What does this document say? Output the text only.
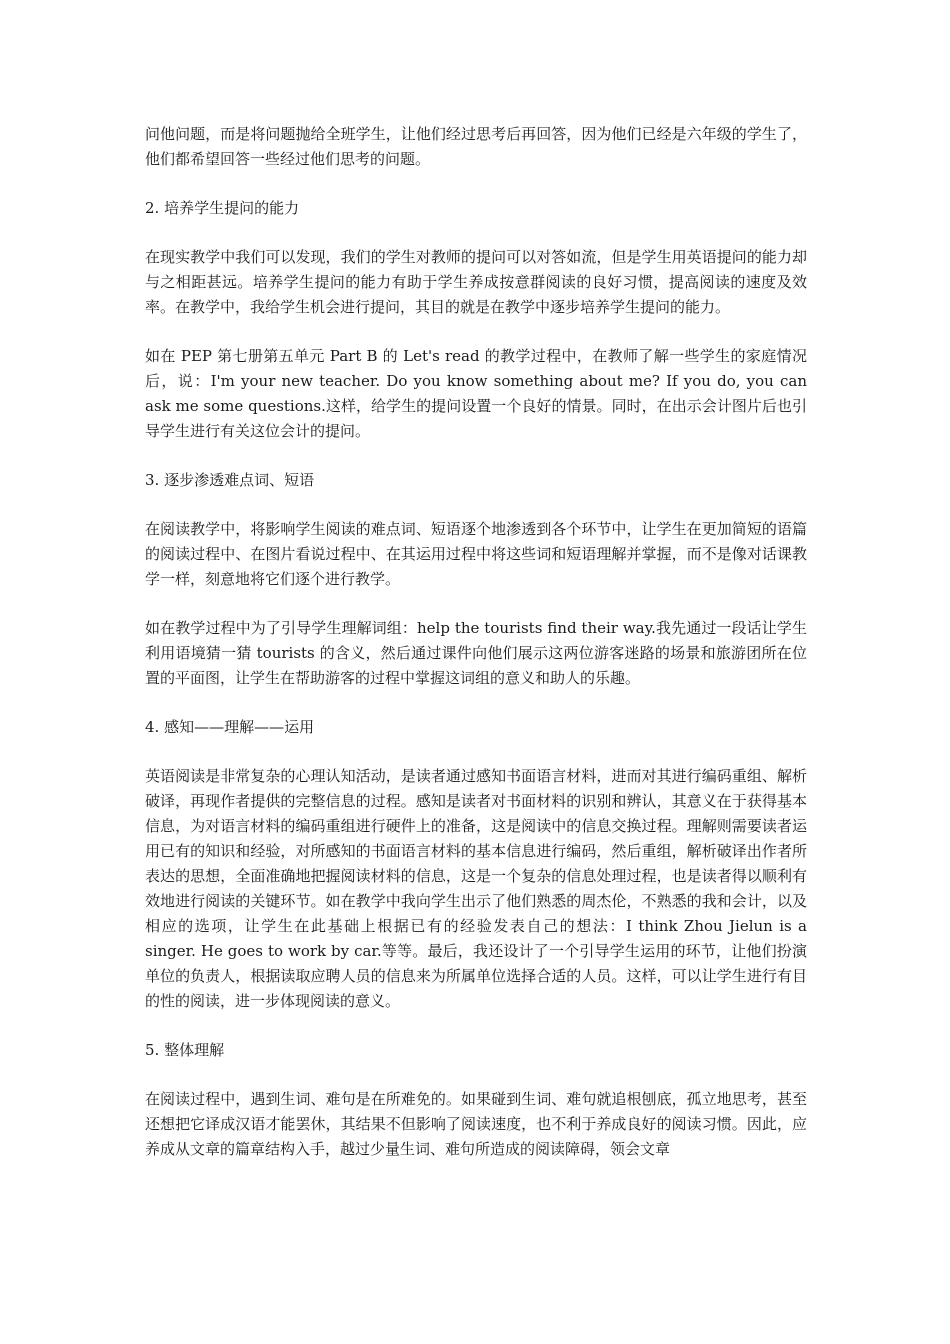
问他问题，而是将问题抛给全班学生，让他们经过思考后再回答，因为他们已经是六年级的学生了，他们都希望回答一些经过他们思考的问题。

2. 培养学生提问的能力

在现实教学中我们可以发现，我们的学生对教师的提问可以对答如流，但是学生用英语提问的能力却与之相距甚远。培养学生提问的能力有助于学生养成按意群阅读的良好习惯，提高阅读的速度及效率。在教学中，我给学生机会进行提问，其目的就是在教学中逐步培养学生提问的能力。

如在 PEP 第七册第五单元 Part B 的 Let's read 的教学过程中，在教师了解一些学生的家庭情况后，说：I'm your new teacher. Do you know something about me? If you do, you can ask me some questions.这样，给学生的提问设置一个良好的情景。同时，在出示会计图片后也引导学生进行有关这位会计的提问。

3. 逐步渗透难点词、短语

在阅读教学中，将影响学生阅读的难点词、短语逐个地渗透到各个环节中，让学生在更加简短的语篇的阅读过程中、在图片看说过程中、在其运用过程中将这些词和短语理解并掌握，而不是像对话课教学一样，刻意地将它们逐个进行教学。

如在教学过程中为了引导学生理解词组：help the tourists find their way.我先通过一段话让学生利用语境猜一猜 tourists 的含义，然后通过课件向他们展示这两位游客迷路的场景和旅游团所在位置的平面图，让学生在帮助游客的过程中掌握这词组的意义和助人的乐趣。

4. 感知——理解——运用

英语阅读是非常复杂的心理认知活动，是读者通过感知书面语言材料，进而对其进行编码重组、解析破译，再现作者提供的完整信息的过程。感知是读者对书面材料的识别和辨认，其意义在于获得基本信息，为对语言材料的编码重组进行硬件上的准备，这是阅读中的信息交换过程。理解则需要读者运用已有的知识和经验，对所感知的书面语言材料的基本信息进行编码，然后重组，解析破译出作者所表达的思想，全面准确地把握阅读材料的信息，这是一个复杂的信息处理过程，也是读者得以顺利有效地进行阅读的关键环节。如在教学中我向学生出示了他们熟悉的周杰伦，不熟悉的我和会计，以及相应的选项，让学生在此基础上根据已有的经验发表自己的想法：I think Zhou Jielun is a singer. He goes to work by car.等等。最后，我还设计了一个引导学生运用的环节，让他们扮演单位的负责人，根据读取应聘人员的信息来为所属单位选择合适的人员。这样，可以让学生进行有目的性的阅读，进一步体现阅读的意义。

5. 整体理解

在阅读过程中，遇到生词、难句是在所难免的。如果碰到生词、难句就追根刨底，孤立地思考，甚至还想把它译成汉语才能罢休，其结果不但影响了阅读速度，也不利于养成良好的阅读习惯。因此，应养成从文章的篇章结构入手，越过少量生词、难句所造成的阅读障碍，领会文章
